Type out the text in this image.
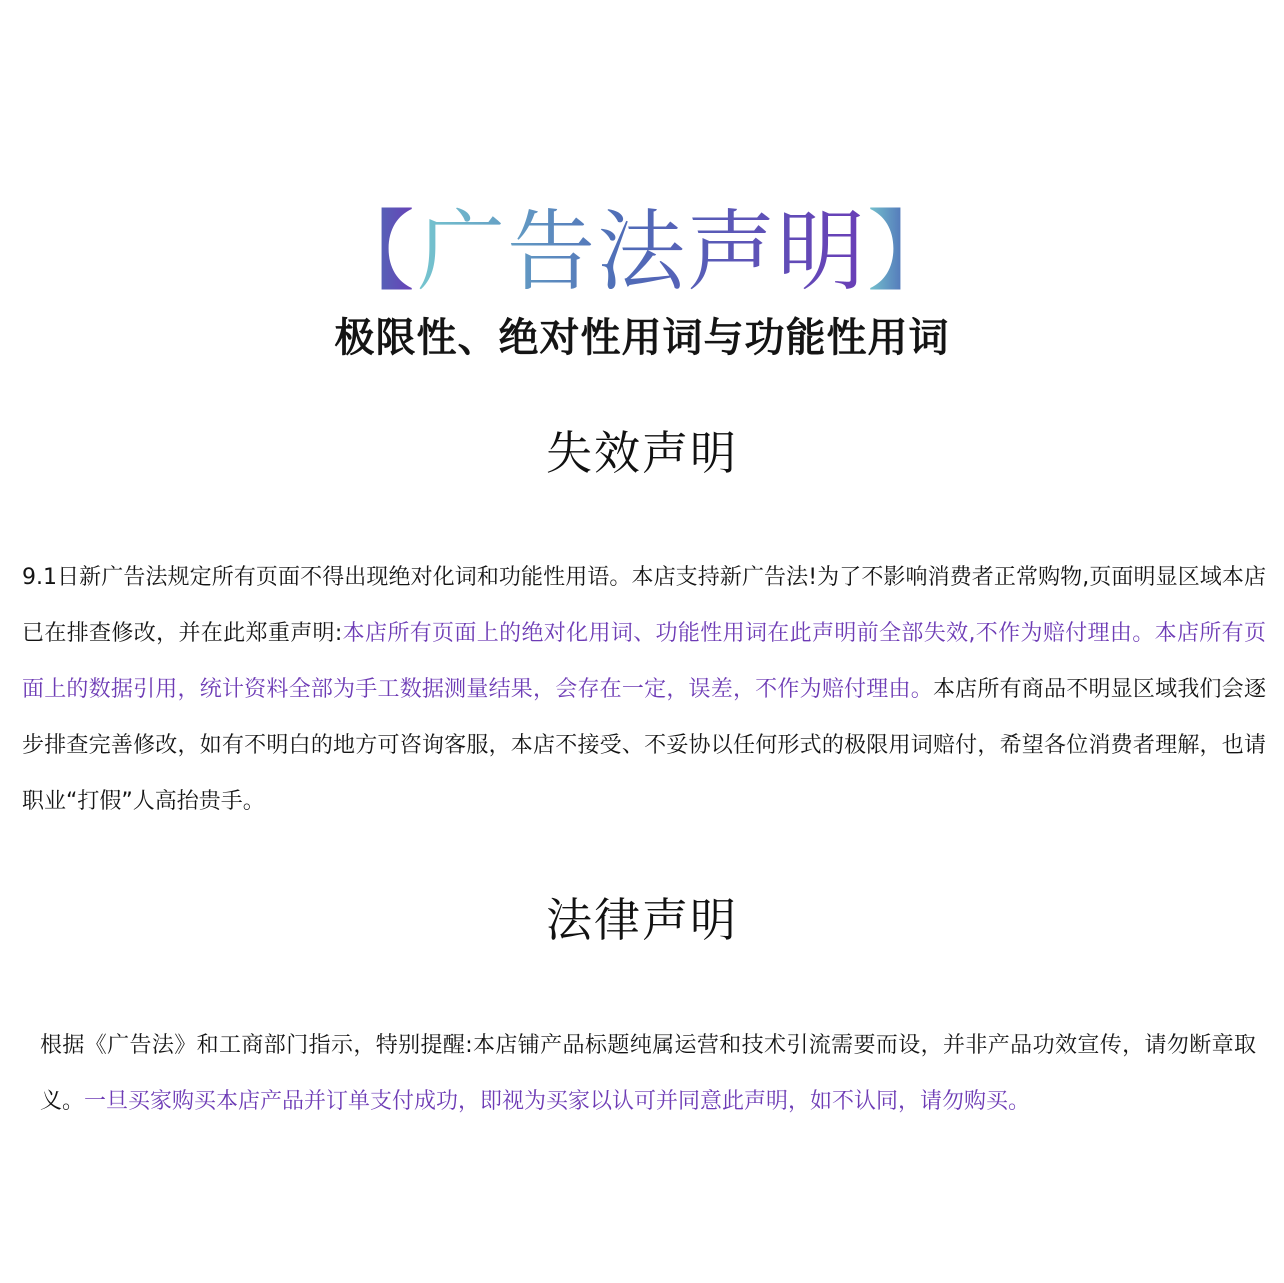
【广告法声明】
极限性、绝对性用词与功能性用词
失效声明

9.1日新广告法规定所有页面不得出现绝对化词和功能性用语。本店支持新广告法!为了不影响消费者正常购物,页面明显区域本店已在排查修改，并在此郑重声明:本店所有页面上的绝对化用词、功能性用词在此声明前全部失效,不作为赔付理由。本店所有页面上的数据引用，统计资料全部为手工数据测量结果，会存在一定，误差，不作为赔付理由。本店所有商品不明显区域我们会逐步排查完善修改，如有不明白的地方可咨询客服，本店不接受、不妥协以任何形式的极限用词赔付，希望各位消费者理解，也请职业“打假”人高抬贵手。

法律声明

根据《广告法》和工商部门指示，特别提醒:本店铺产品标题纯属运营和技术引流需要而设，并非产品功效宣传，请勿断章取义。一旦买家购买本店产品并订单支付成功，即视为买家以认可并同意此声明，如不认同，请勿购买。
